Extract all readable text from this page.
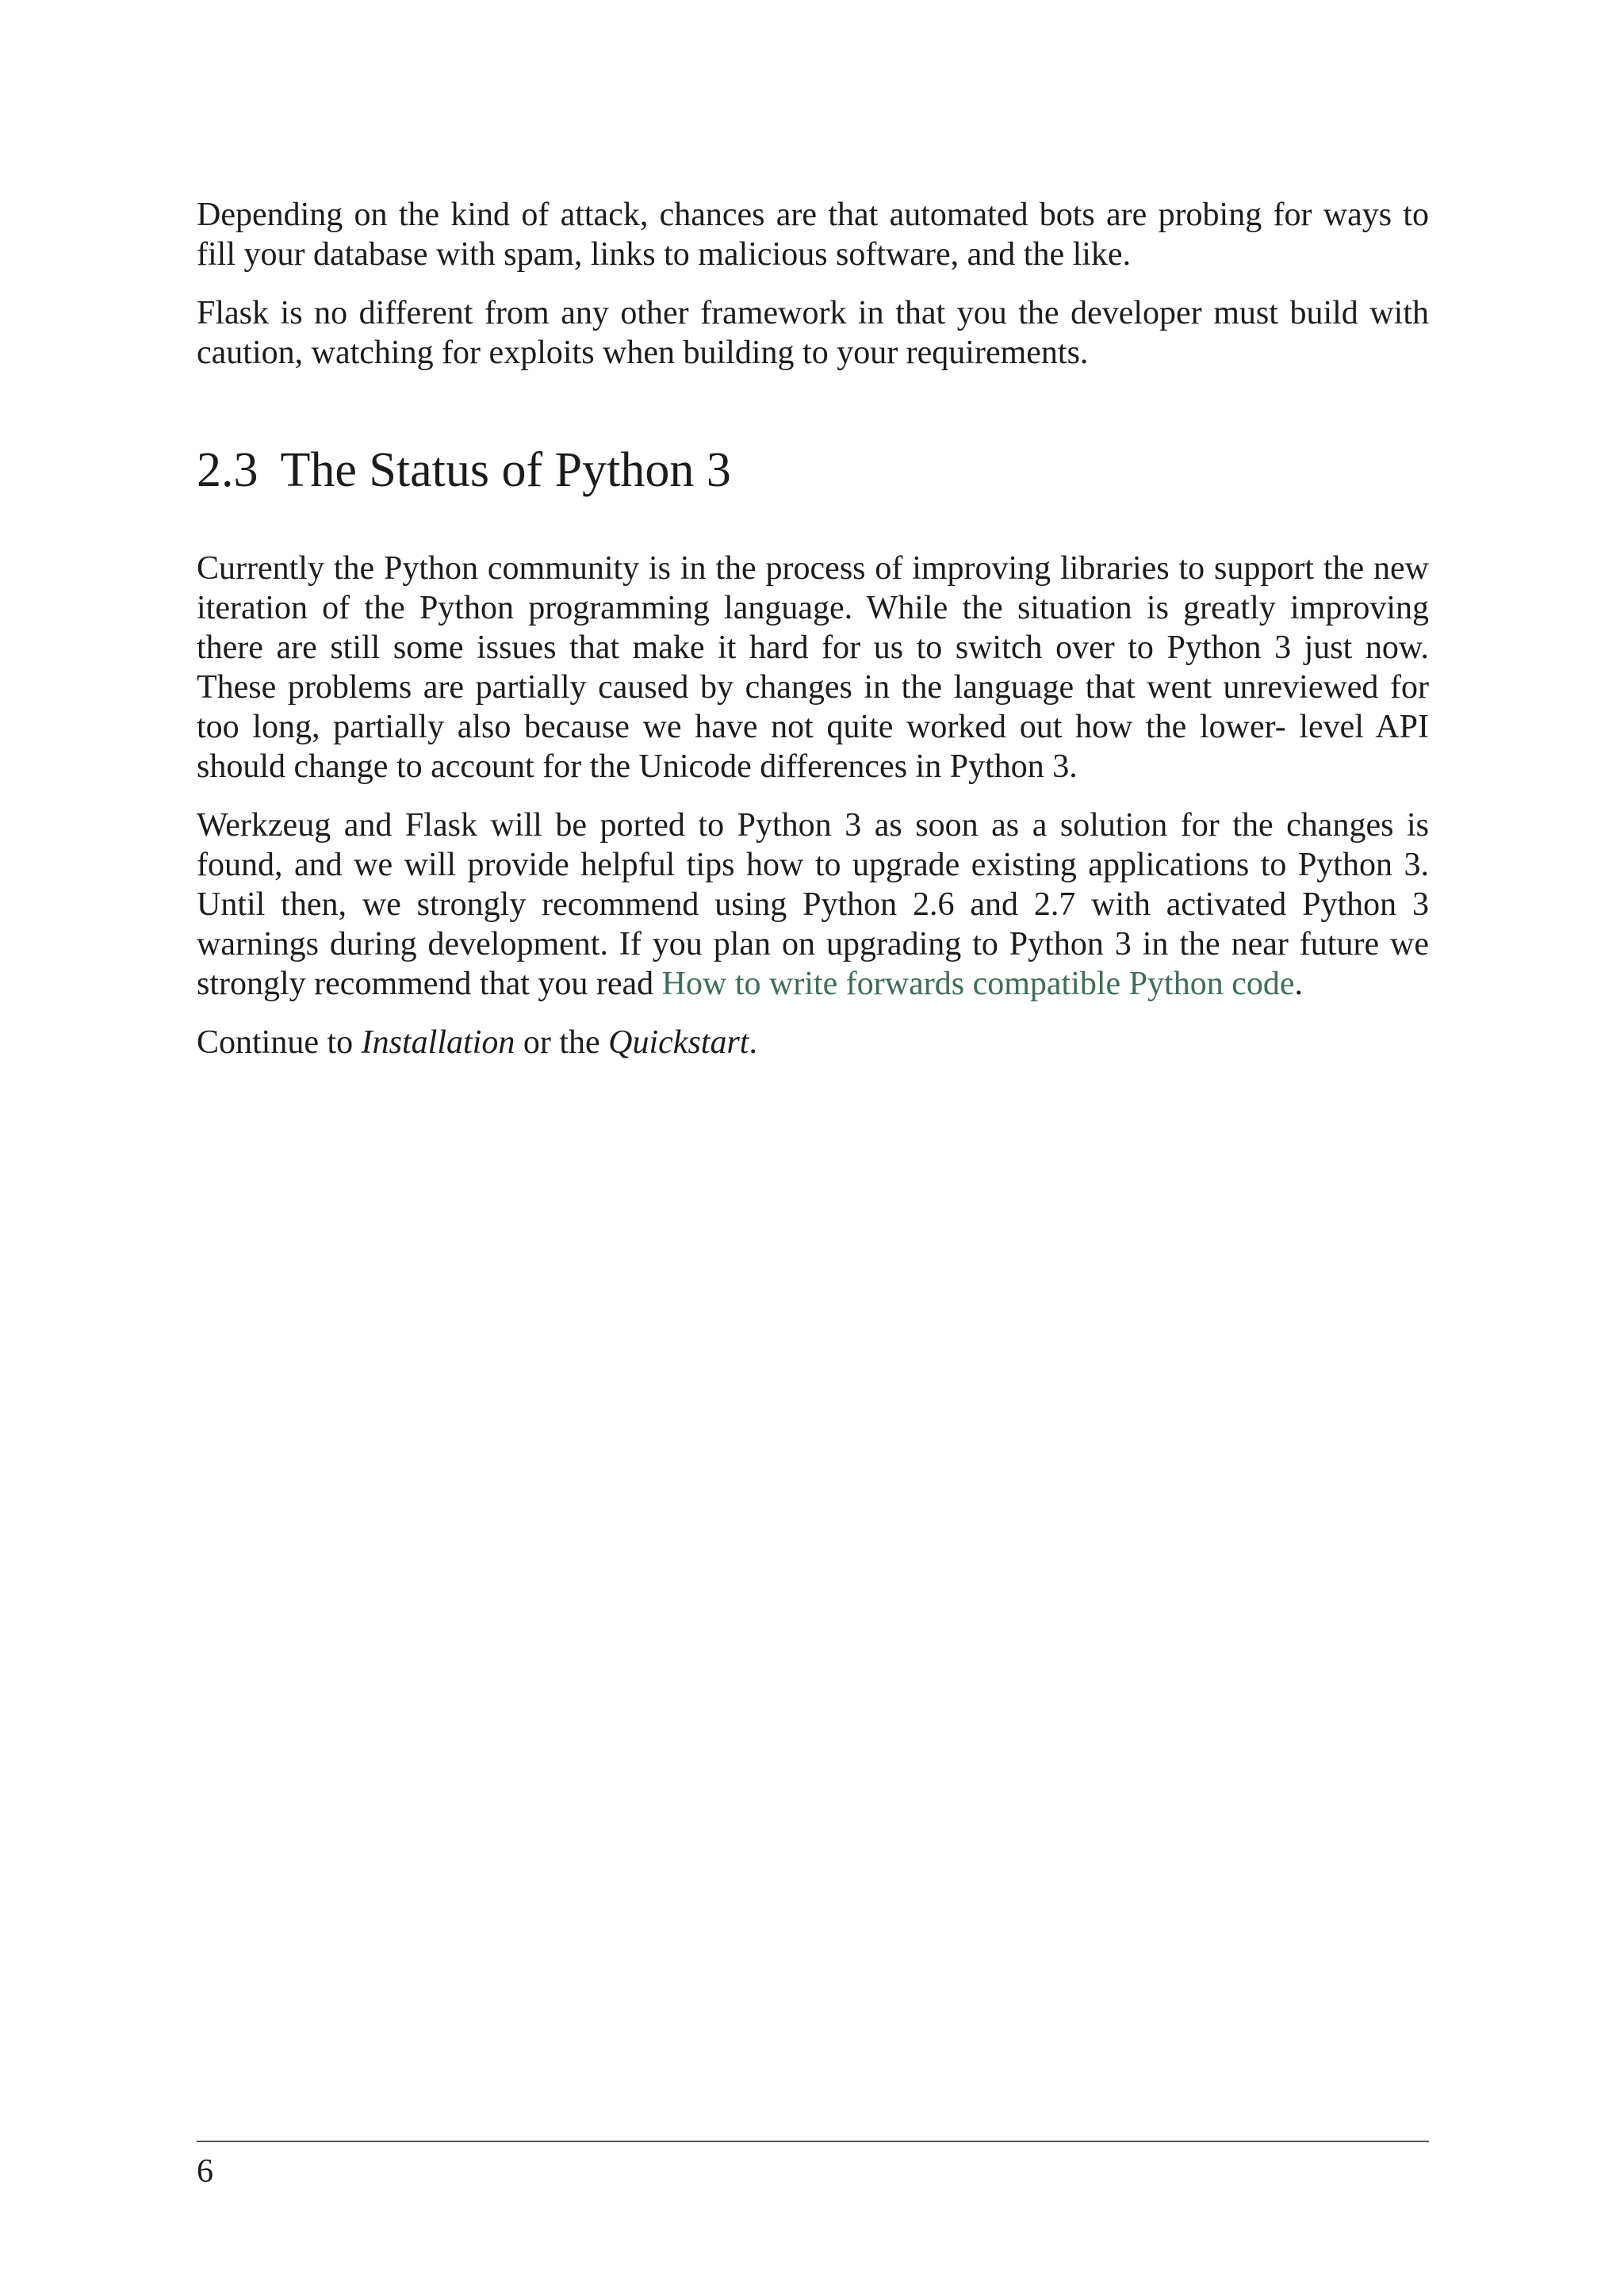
Depending on the kind of attack, chances are that automated bots are probing for ways to fill your database with spam, links to malicious software, and the like.

Flask is no different from any other framework in that you the developer must build with caution, watching for exploits when building to your requirements.

2.3 The Status of Python 3

Currently the Python community is in the process of improving libraries to support the new iteration of the Python programming language. While the situation is greatly improving there are still some issues that make it hard for us to switch over to Python 3 just now. These problems are partially caused by changes in the language that went unreviewed for too long, partially also because we have not quite worked out how the lower- level API should change to account for the Unicode differences in Python 3.

Werkzeug and Flask will be ported to Python 3 as soon as a solution for the changes is found, and we will provide helpful tips how to upgrade existing applications to Python 3. Until then, we strongly recommend using Python 2.6 and 2.7 with activated Python 3 warnings during development. If you plan on upgrading to Python 3 in the near future we strongly recommend that you read How to write forwards compatible Python code.

Continue to Installation or the Quickstart.

6
